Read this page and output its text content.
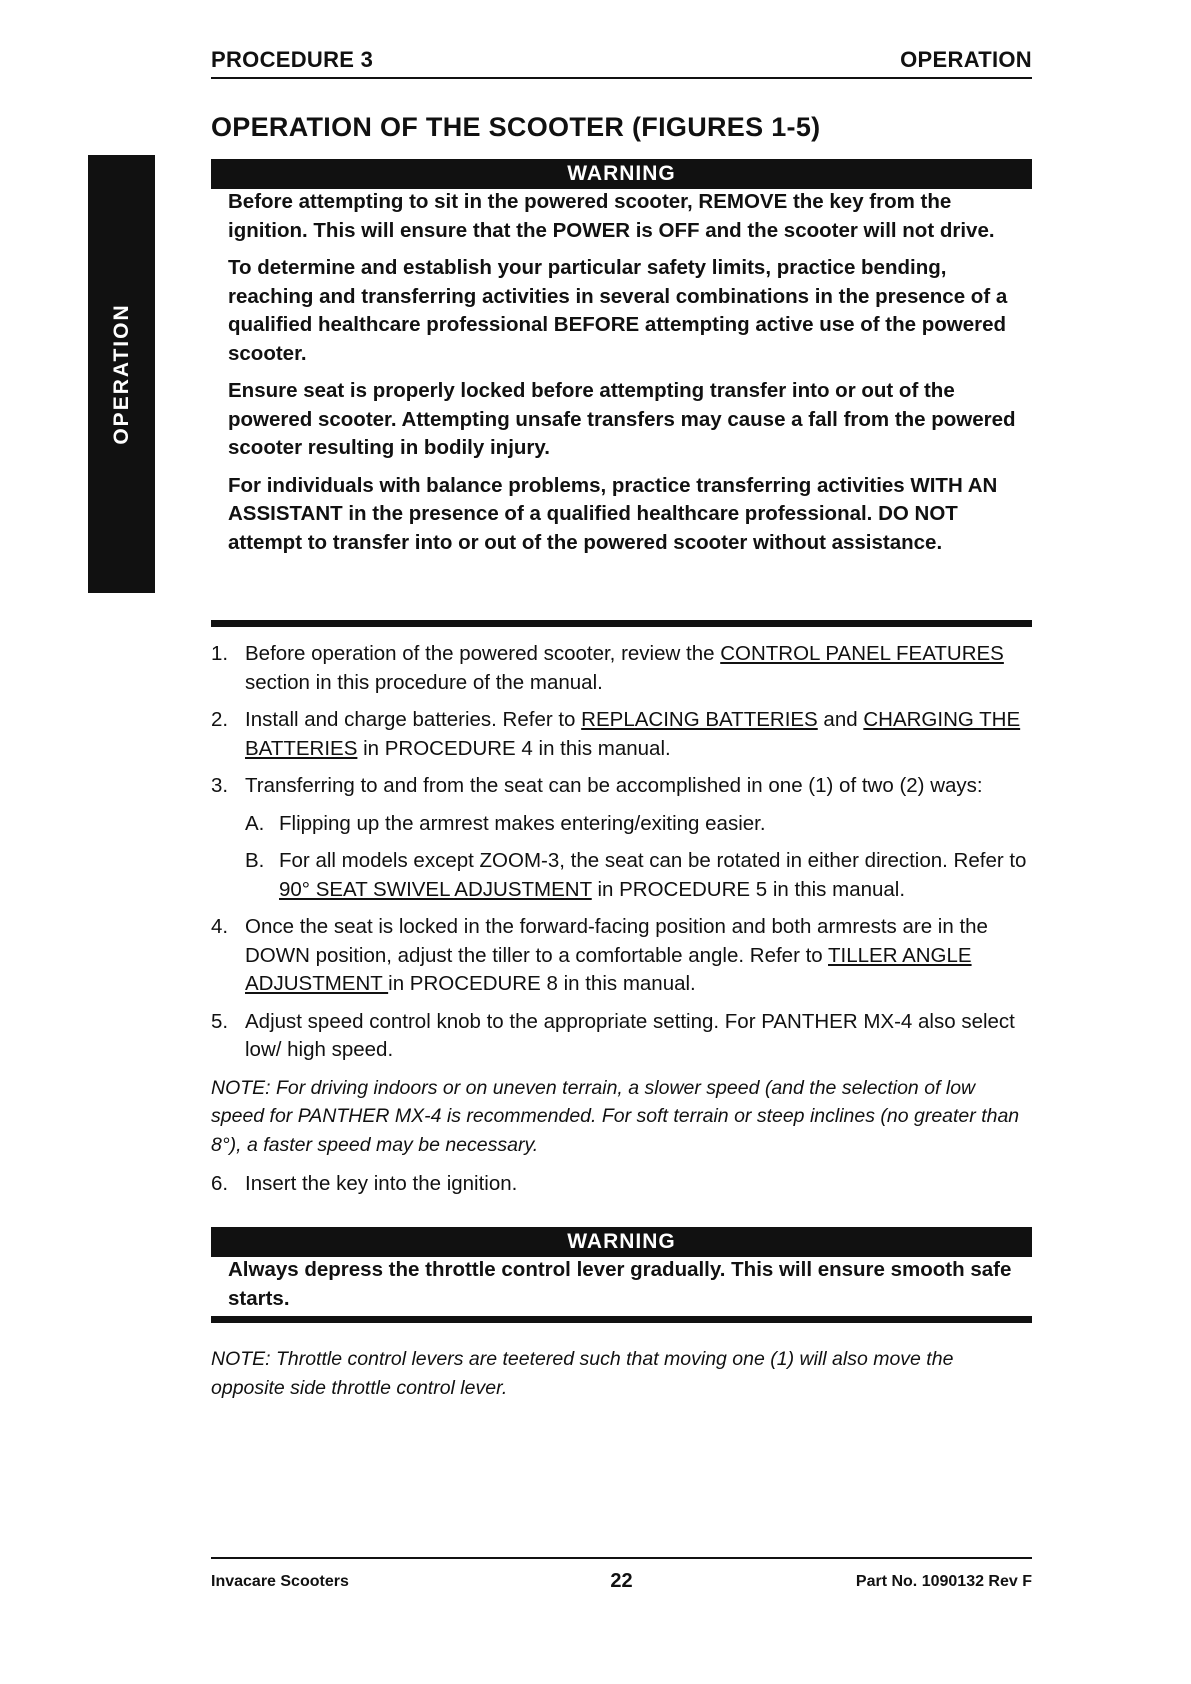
PROCEDURE 3	OPERATION
OPERATION
OPERATION OF THE SCOOTER (FIGURES 1-5)
WARNING

Before attempting to sit in the powered scooter, REMOVE the key from the ignition. This will ensure that the POWER is OFF and the scooter will not drive.

To determine and establish your particular safety limits, practice bending, reaching and transferring activities in several combinations in the presence of a qualified healthcare professional BEFORE attempting active use of the powered scooter.

Ensure seat is properly locked before attempting transfer into or out of the powered scooter. Attempting unsafe transfers may cause a fall from the powered scooter resulting in bodily injury.

For individuals with balance problems, practice transferring activities WITH AN ASSISTANT in the presence of a qualified healthcare professional. DO NOT attempt to transfer into or out of the powered scooter without assistance.

1. Before operation of the powered scooter, review the CONTROL PANEL FEATURES section in this procedure of the manual.
2. Install and charge batteries. Refer to REPLACING BATTERIES and CHARGING THE BATTERIES in PROCEDURE 4 in this manual.
3. Transferring to and from the seat can be accomplished in one (1) of two (2) ways:
A. Flipping up the armrest makes entering/exiting easier.
B. For all models except ZOOM-3, the seat can be rotated in either direction. Refer to 90° SEAT SWIVEL ADJUSTMENT in PROCEDURE 5 in this manual.
4. Once the seat is locked in the forward-facing position and both armrests are in the DOWN position, adjust the tiller to a comfortable angle. Refer to TILLER ANGLE ADJUSTMENT in PROCEDURE 8 in this manual.
5. Adjust speed control knob to the appropriate setting. For PANTHER MX-4 also select low/ high speed.

NOTE: For driving indoors or on uneven terrain, a slower speed (and the selection of low speed for PANTHER MX-4 is recommended. For soft terrain or steep inclines (no greater than 8°), a faster speed may be necessary.

6. Insert the key into the ignition.
WARNING

Always depress the throttle control lever gradually. This will ensure smooth safe starts.

NOTE: Throttle control levers are teetered such that moving one (1) will also move the opposite side throttle control lever.

Invacare Scooters	22	Part No. 1090132 Rev F
